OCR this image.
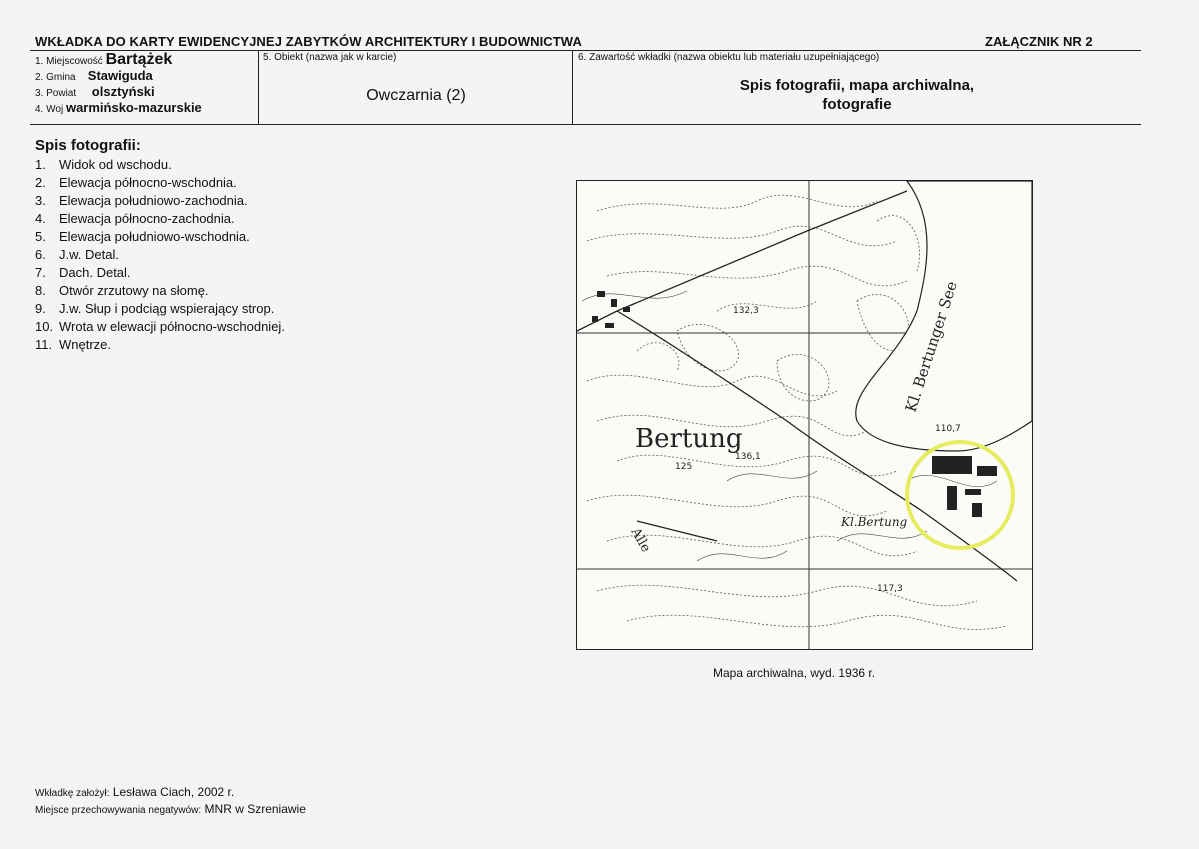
WKŁADKA DO KARTY EWIDENCYJNEJ ZABYTKÓW ARCHITEKTURY I BUDOWNICTWA	ZAŁĄCZNIK NR 2
1. Miejscowość Bartążek
2. Gmina Stawiguda
3. Powiat olsztyński
4. Woj warmińsko-mazurskie
5. Obiekt (nazwa jak w karcie)
Owczarnia (2)
6. Zawartość wkładki (nazwa obiektu lub materiału uzupełniającego)
Spis fotografii, mapa archiwalna,
fotografie
Spis fotografii:
1. Widok od wschodu.
2. Elewacja północno-wschodnia.
3. Elewacja południowo-zachodnia.
4. Elewacja północno-zachodnia.
5. Elewacja południowo-wschodnia.
6. J.w. Detal.
7. Dach. Detal.
8. Otwór zrzutowy na słomę.
9. J.w. Słup i podciąg wspierający strop.
10. Wrota w elewacji północno-wschodniej.
11. Wnętrze.
Bertung
Kl. Bertunger See
Kl.Bertung
Alle
110,7
132,3
136,1
125
117,3
Mapa archiwalna, wyd. 1936 r.
Wkładkę założył: Lesława Ciach, 2002 r.
Miejsce przechowywania negatywów: MNR w Szreniawie
